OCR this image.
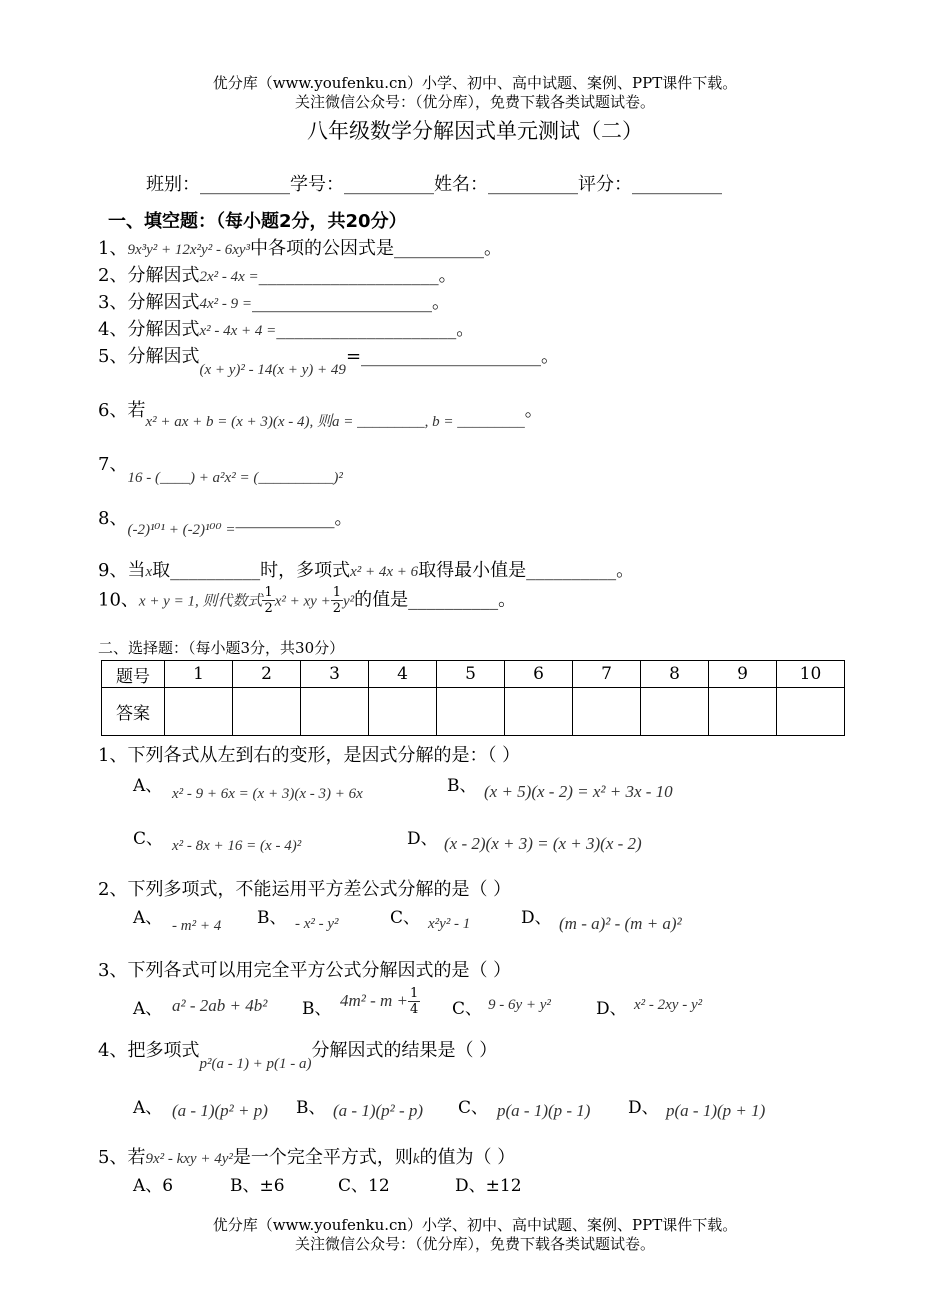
优分库（www.youfenku.cn）小学、初中、高中试题、案例、PPT课件下载。
关注微信公众号：（优分库），免费下载各类试题试卷。
八年级数学分解因式单元测试（二）
班别：__________学号：__________姓名：__________评分：__________
一、填空题：（每小题2分，共20分）
1、9x³y² + 12x²y² - 6xy³中各项的公因式是__________。
2、分解因式2x² - 4x =____________________。
3、分解因式4x² - 9 =____________________。
4、分解因式x² - 4x + 4 =____________________。
5、分解因式$_{(x + y)^2 - 14(x + y) + 49}$=____________________。
6、若$_{x^2 + ax + b = (x + 3)(x - 4), 则a = \_\_\_\_\_\_\_\_\_, b = \_\_\_\_\_\_\_\_\_}$。
7、$_{16 - (\_\_\_\_) + a^2x^2 = (\_\_\_\_\_\_\_\_\_\_)^2}$
8、$_{(-2)^{101} + (-2)^{100} =}$___________。
9、当x取__________时，多项式x² + 4x + 6取得最小值是__________。
10、x + y = 1, 则代数式 $\frac{1}{2} x^2$ + xy + $\frac{1}{2} y^2$的值是__________。
二、选择题：（每小题3分，共30分）
题号	1	2	3	4	5	6	7	8	9	10
答案										
1、下列各式从左到右的变形，是因式分解的是：（ ）
A、 x² - 9 + 6x = (x + 3)(x - 3) + 6x	B、 (x + 5)(x - 2) = x² + 3x - 10
C、 x² - 8x + 16 = (x - 4)²	D、 (x - 2)(x + 3) = (x + 3)(x - 2)
2、下列多项式，不能运用平方差公式分解的是（ ）
A、 - m² + 4 B、 - x² - y²	C、 x²y² - 1	D、 (m - a)² - (m + a)²
3、下列各式可以用完全平方公式分解因式的是（ ）
A、 a² - 2ab + 4b² B、 $4m^2 - m + \frac{1}{4}$ C、 9 - 6y + y²	D、 x² - 2xy - y²
4、把多项式$_{p^2(a - 1) + p(1 - a)}$分解因式的结果是（ ）
A、 (a - 1)(p² + p) B、 (a - 1)(p² - p) C、 p(a - 1)(p - 1) D、 p(a - 1)(p + 1)
5、若9x² - kxy + 4y²是一个完全平方式，则k的值为（ ）
A、6	B、±6	C、12	D、±12
优分库（www.youfenku.cn）小学、初中、高中试题、案例、PPT课件下载。
关注微信公众号：（优分库），免费下载各类试题试卷。
